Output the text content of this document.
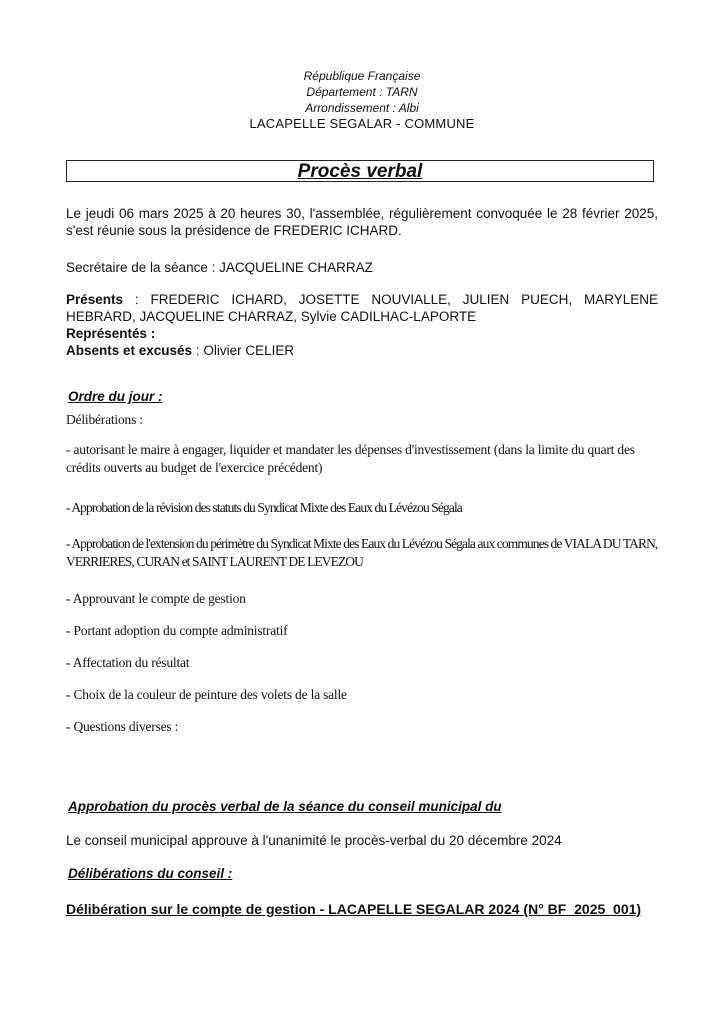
République Française
Département : TARN
Arrondissement : Albi
LACAPELLE SEGALAR - COMMUNE
Procès verbal
Le jeudi 06 mars 2025 à 20 heures 30, l'assemblée, régulièrement convoquée le 28 février 2025, s'est réunie sous la présidence de FREDERIC ICHARD.
Secrétaire de la séance : JACQUELINE CHARRAZ
Présents : FREDERIC ICHARD, JOSETTE NOUVIALLE, JULIEN PUECH, MARYLENE HEBRARD, JACQUELINE CHARRAZ, Sylvie CADILHAC-LAPORTE
Représentés :
Absents et excusés : Olivier CELIER
Ordre du jour :
Délibérations :
- autorisant le maire à engager, liquider et mandater les dépenses d'investissement (dans la limite du quart des crédits ouverts au budget de l'exercice précédent)
- Approbation de la révision des statuts du Syndicat Mixte des Eaux du Lévézou Ségala
- Approbation de l'extension du périmètre du Syndicat Mixte des Eaux du Lévézou Ségala aux communes de VIALA DU TARN, VERRIERES, CURAN et SAINT LAURENT DE LEVEZOU
- Approuvant le compte de gestion
- Portant adoption du compte administratif
- Affectation du résultat
- Choix de la couleur de peinture des volets de la salle
- Questions diverses :
Approbation du procès verbal de la séance du conseil municipal du
Le conseil municipal approuve à l'unanimité le procès-verbal du 20 décembre 2024
Délibérations du conseil :
Délibération sur le compte de gestion - LACAPELLE SEGALAR 2024 (N° BF_2025_001)
